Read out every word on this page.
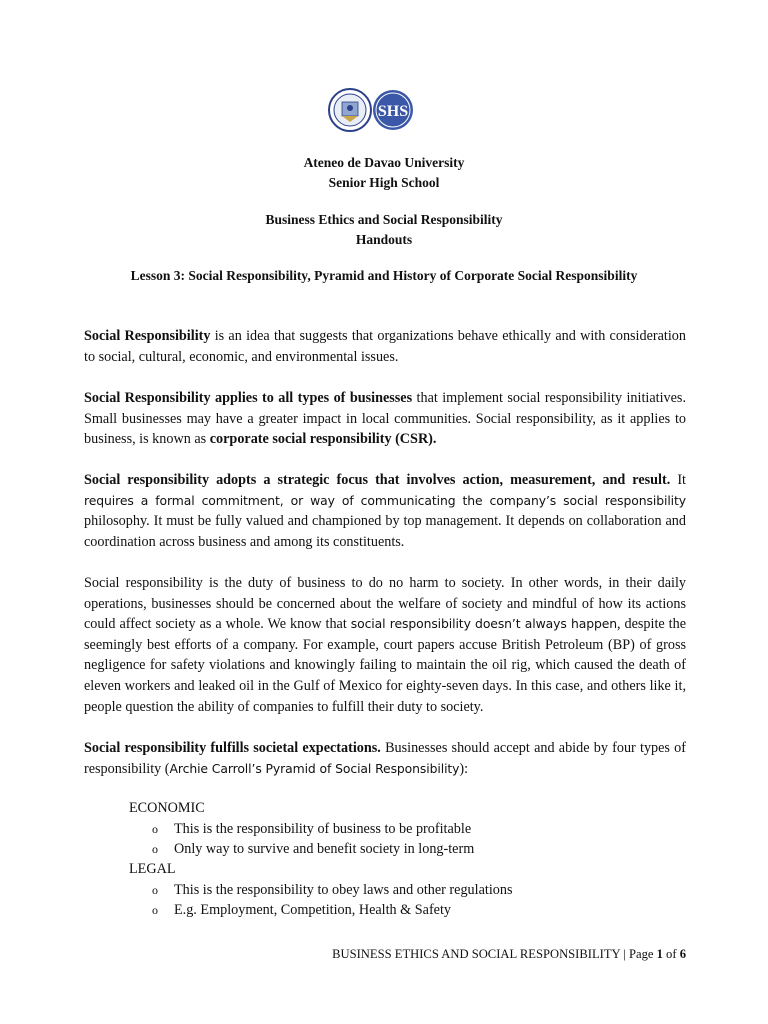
SHS
Ateneo de Davao University
Senior High School
Business Ethics and Social Responsibility
Handouts
Lesson 3: Social Responsibility, Pyramid and History of Corporate Social Responsibility
Social Responsibility is an idea that suggests that organizations behave ethically and with consideration to social, cultural, economic, and environmental issues.
Social Responsibility applies to all types of businesses that implement social responsibility initiatives. Small businesses may have a greater impact in local communities. Social responsibility, as it applies to business, is known as corporate social responsibility (CSR).
Social responsibility adopts a strategic focus that involves action, measurement, and result. It requires a formal commitment, or way of communicating the company’s social responsibility philosophy. It must be fully valued and championed by top management. It depends on collaboration and coordination across business and among its constituents.
Social responsibility is the duty of business to do no harm to society. In other words, in their daily operations, businesses should be concerned about the welfare of society and mindful of how its actions could affect society as a whole. We know that social responsibility doesn’t always happen, despite the seemingly best efforts of a company. For example, court papers accuse British Petroleum (BP) of gross negligence for safety violations and knowingly failing to maintain the oil rig, which caused the death of eleven workers and leaked oil in the Gulf of Mexico for eighty-seven days. In this case, and others like it, people question the ability of companies to fulfill their duty to society.
Social responsibility fulfills societal expectations. Businesses should accept and abide by four types of responsibility (Archie Carroll’s Pyramid of Social Responsibility):
ECONOMIC
o This is the responsibility of business to be profitable
o Only way to survive and benefit society in long-term
LEGAL
o This is the responsibility to obey laws and other regulations
o E.g. Employment, Competition, Health & Safety
BUSINESS ETHICS AND SOCIAL RESPONSIBILITY | Page 1 of 6
